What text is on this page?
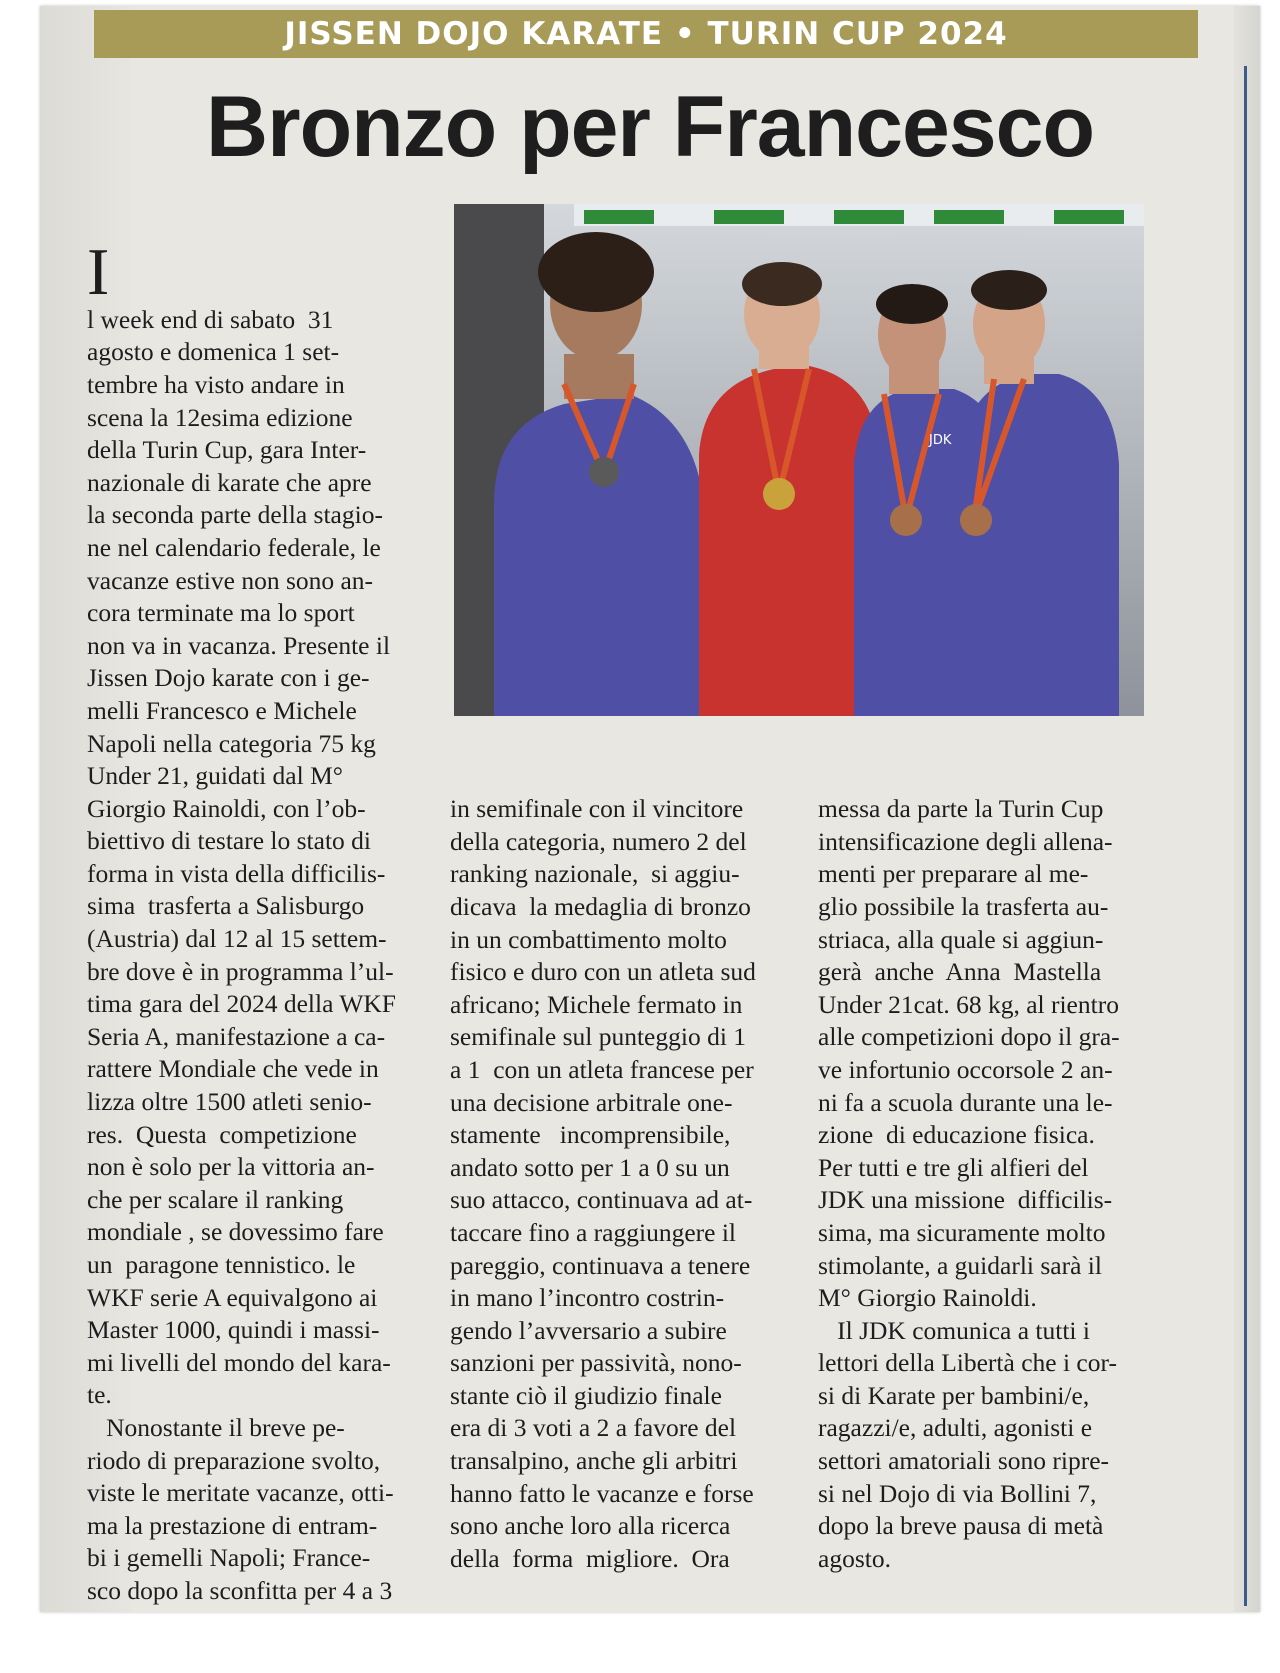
JISSEN DOJO KARATE • TURIN CUP 2024
Bronzo per Francesco

I

l week end di sabato  31
agosto e domenica 1 set-
tembre ha visto andare in
scena la 12esima edizione
della Turin Cup, gara Inter-
nazionale di karate che apre
la seconda parte della stagio-
ne nel calendario federale, le
vacanze estive non sono an-
cora terminate ma lo sport
non va in vacanza. Presente il
Jissen Dojo karate con i ge-
melli Francesco e Michele
Napoli nella categoria 75 kg
Under 21, guidati dal M°
Giorgio Rainoldi, con l’ob-
biettivo di testare lo stato di
forma in vista della difficilis-
sima  trasferta a Salisburgo
(Austria) dal 12 al 15 settem-
bre dove è in programma l’ul-
tima gara del 2024 della WKF
Seria A, manifestazione a ca-
rattere Mondiale che vede in
lizza oltre 1500 atleti senio-
res.  Questa  competizione
non è solo per la vittoria an-
che per scalare il ranking
mondiale , se dovessimo fare
un  paragone tennistico. le
WKF serie A equivalgono ai
Master 1000, quindi i massi-
mi livelli del mondo del kara-
te.
Nonostante il breve pe-
riodo di preparazione svolto,
viste le meritate vacanze, otti-
ma la prestazione di entram-
bi i gemelli Napoli; France-
sco dopo la sconfitta per 4 a 3

JDK

in semifinale con il vincitore
della categoria, numero 2 del
ranking nazionale,  si aggiu-
dicava  la medaglia di bronzo
in un combattimento molto
fisico e duro con un atleta sud
africano; Michele fermato in
semifinale sul punteggio di 1
a 1  con un atleta francese per
una decisione arbitrale one-
stamente   incomprensibile,
andato sotto per 1 a 0 su un
suo attacco, continuava ad at-
taccare fino a raggiungere il
pareggio, continuava a tenere
in mano l’incontro costrin-
gendo l’avversario a subire
sanzioni per passività, nono-
stante ciò il giudizio finale
era di 3 voti a 2 a favore del
transalpino, anche gli arbitri
hanno fatto le vacanze e forse
sono anche loro alla ricerca
della  forma  migliore.  Ora

messa da parte la Turin Cup
intensificazione degli allena-
menti per preparare al me-
glio possibile la trasferta au-
striaca, alla quale si aggiun-
gerà  anche  Anna  Mastella
Under 21cat. 68 kg, al rientro
alle competizioni dopo il gra-
ve infortunio occorsole 2 an-
ni fa a scuola durante una le-
zione  di educazione fisica.
Per tutti e tre gli alfieri del
JDK una missione  difficilis-
sima, ma sicuramente molto
stimolante, a guidarli sarà il
M° Giorgio Rainoldi.
Il JDK comunica a tutti i
lettori della Libertà che i cor-
si di Karate per bambini/e,
ragazzi/e, adulti, agonisti e
settori amatoriali sono ripre-
si nel Dojo di via Bollini 7,
dopo la breve pausa di metà
agosto.
